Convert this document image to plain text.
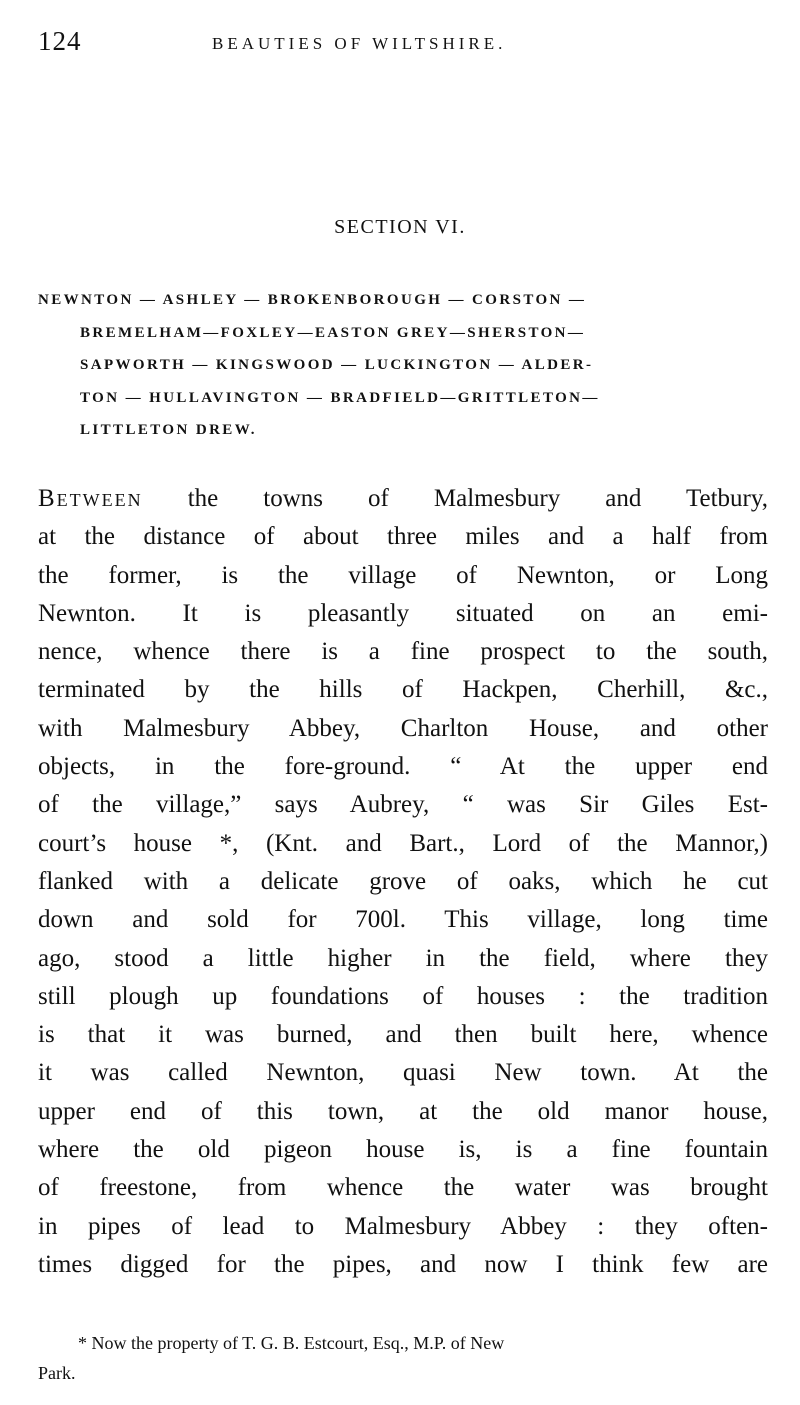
124	BEAUTIES OF WILTSHIRE.
SECTION VI.
NEWNTON — ASHLEY — BROKENBOROUGH — CORSTON —
BREMELHAM—FOXLEY—EASTON GREY—SHERSTON—
SAPWORTH — KINGSWOOD — LUCKINGTON — ALDER-
TON — HULLAVINGTON — BRADFIELD—GRITTLETON—
LITTLETON DREW.
Between the towns of Malmesbury and Tetbury,
at the distance of about three miles and a half from
the former, is the village of Newnton, or Long
Newnton. It is pleasantly situated on an emi-
nence, whence there is a fine prospect to the south,
terminated by the hills of Hackpen, Cherhill, &c.,
with Malmesbury Abbey, Charlton House, and other
objects, in the fore-ground. “ At the upper end
of the village,” says Aubrey, “ was Sir Giles Est-
court’s house *, (Knt. and Bart., Lord of the Mannor,)
flanked with a delicate grove of oaks, which he cut
down and sold for 700l. This village, long time
ago, stood a little higher in the field, where they
still plough up foundations of houses : the tradition
is that it was burned, and then built here, whence
it was called Newnton, quasi New town. At the
upper end of this town, at the old manor house,
where the old pigeon house is, is a fine fountain
of freestone, from whence the water was brought
in pipes of lead to Malmesbury Abbey : they often-
times digged for the pipes, and now I think few are
* Now the property of T. G. B. Estcourt, Esq., M.P. of New
Park.
